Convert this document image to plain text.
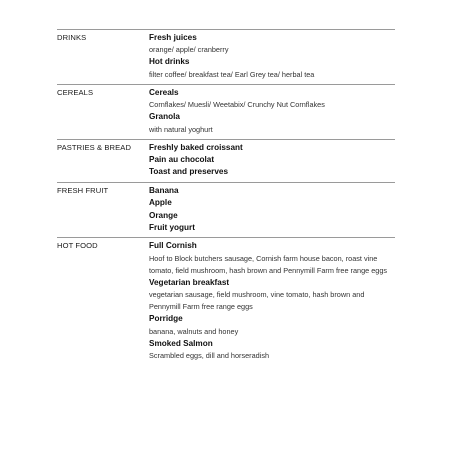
DRINKS	Fresh juices
orange/ apple/ cranberry
Hot drinks
filter coffee/ breakfast tea/ Earl Grey tea/ herbal tea
CEREALS	Cereals
Cornflakes/ Muesli/ Weetabix/ Crunchy Nut Cornflakes
Granola
with natural yoghurt
PASTRIES & BREAD	Freshly baked croissant
Pain au chocolat
Toast and preserves
FRESH FRUIT	Banana
Apple
Orange
Fruit yogurt
HOT FOOD	Full Cornish
Hoof to Block butchers sausage, Cornish farm house bacon, roast vine tomato, field mushroom, hash brown and Pennymill Farm free range eggs
Vegetarian breakfast
vegetarian sausage, field mushroom, vine tomato, hash brown and Pennymill Farm free range eggs
Porridge
banana, walnuts and honey
Smoked Salmon
Scrambled eggs, dill and horseradish
